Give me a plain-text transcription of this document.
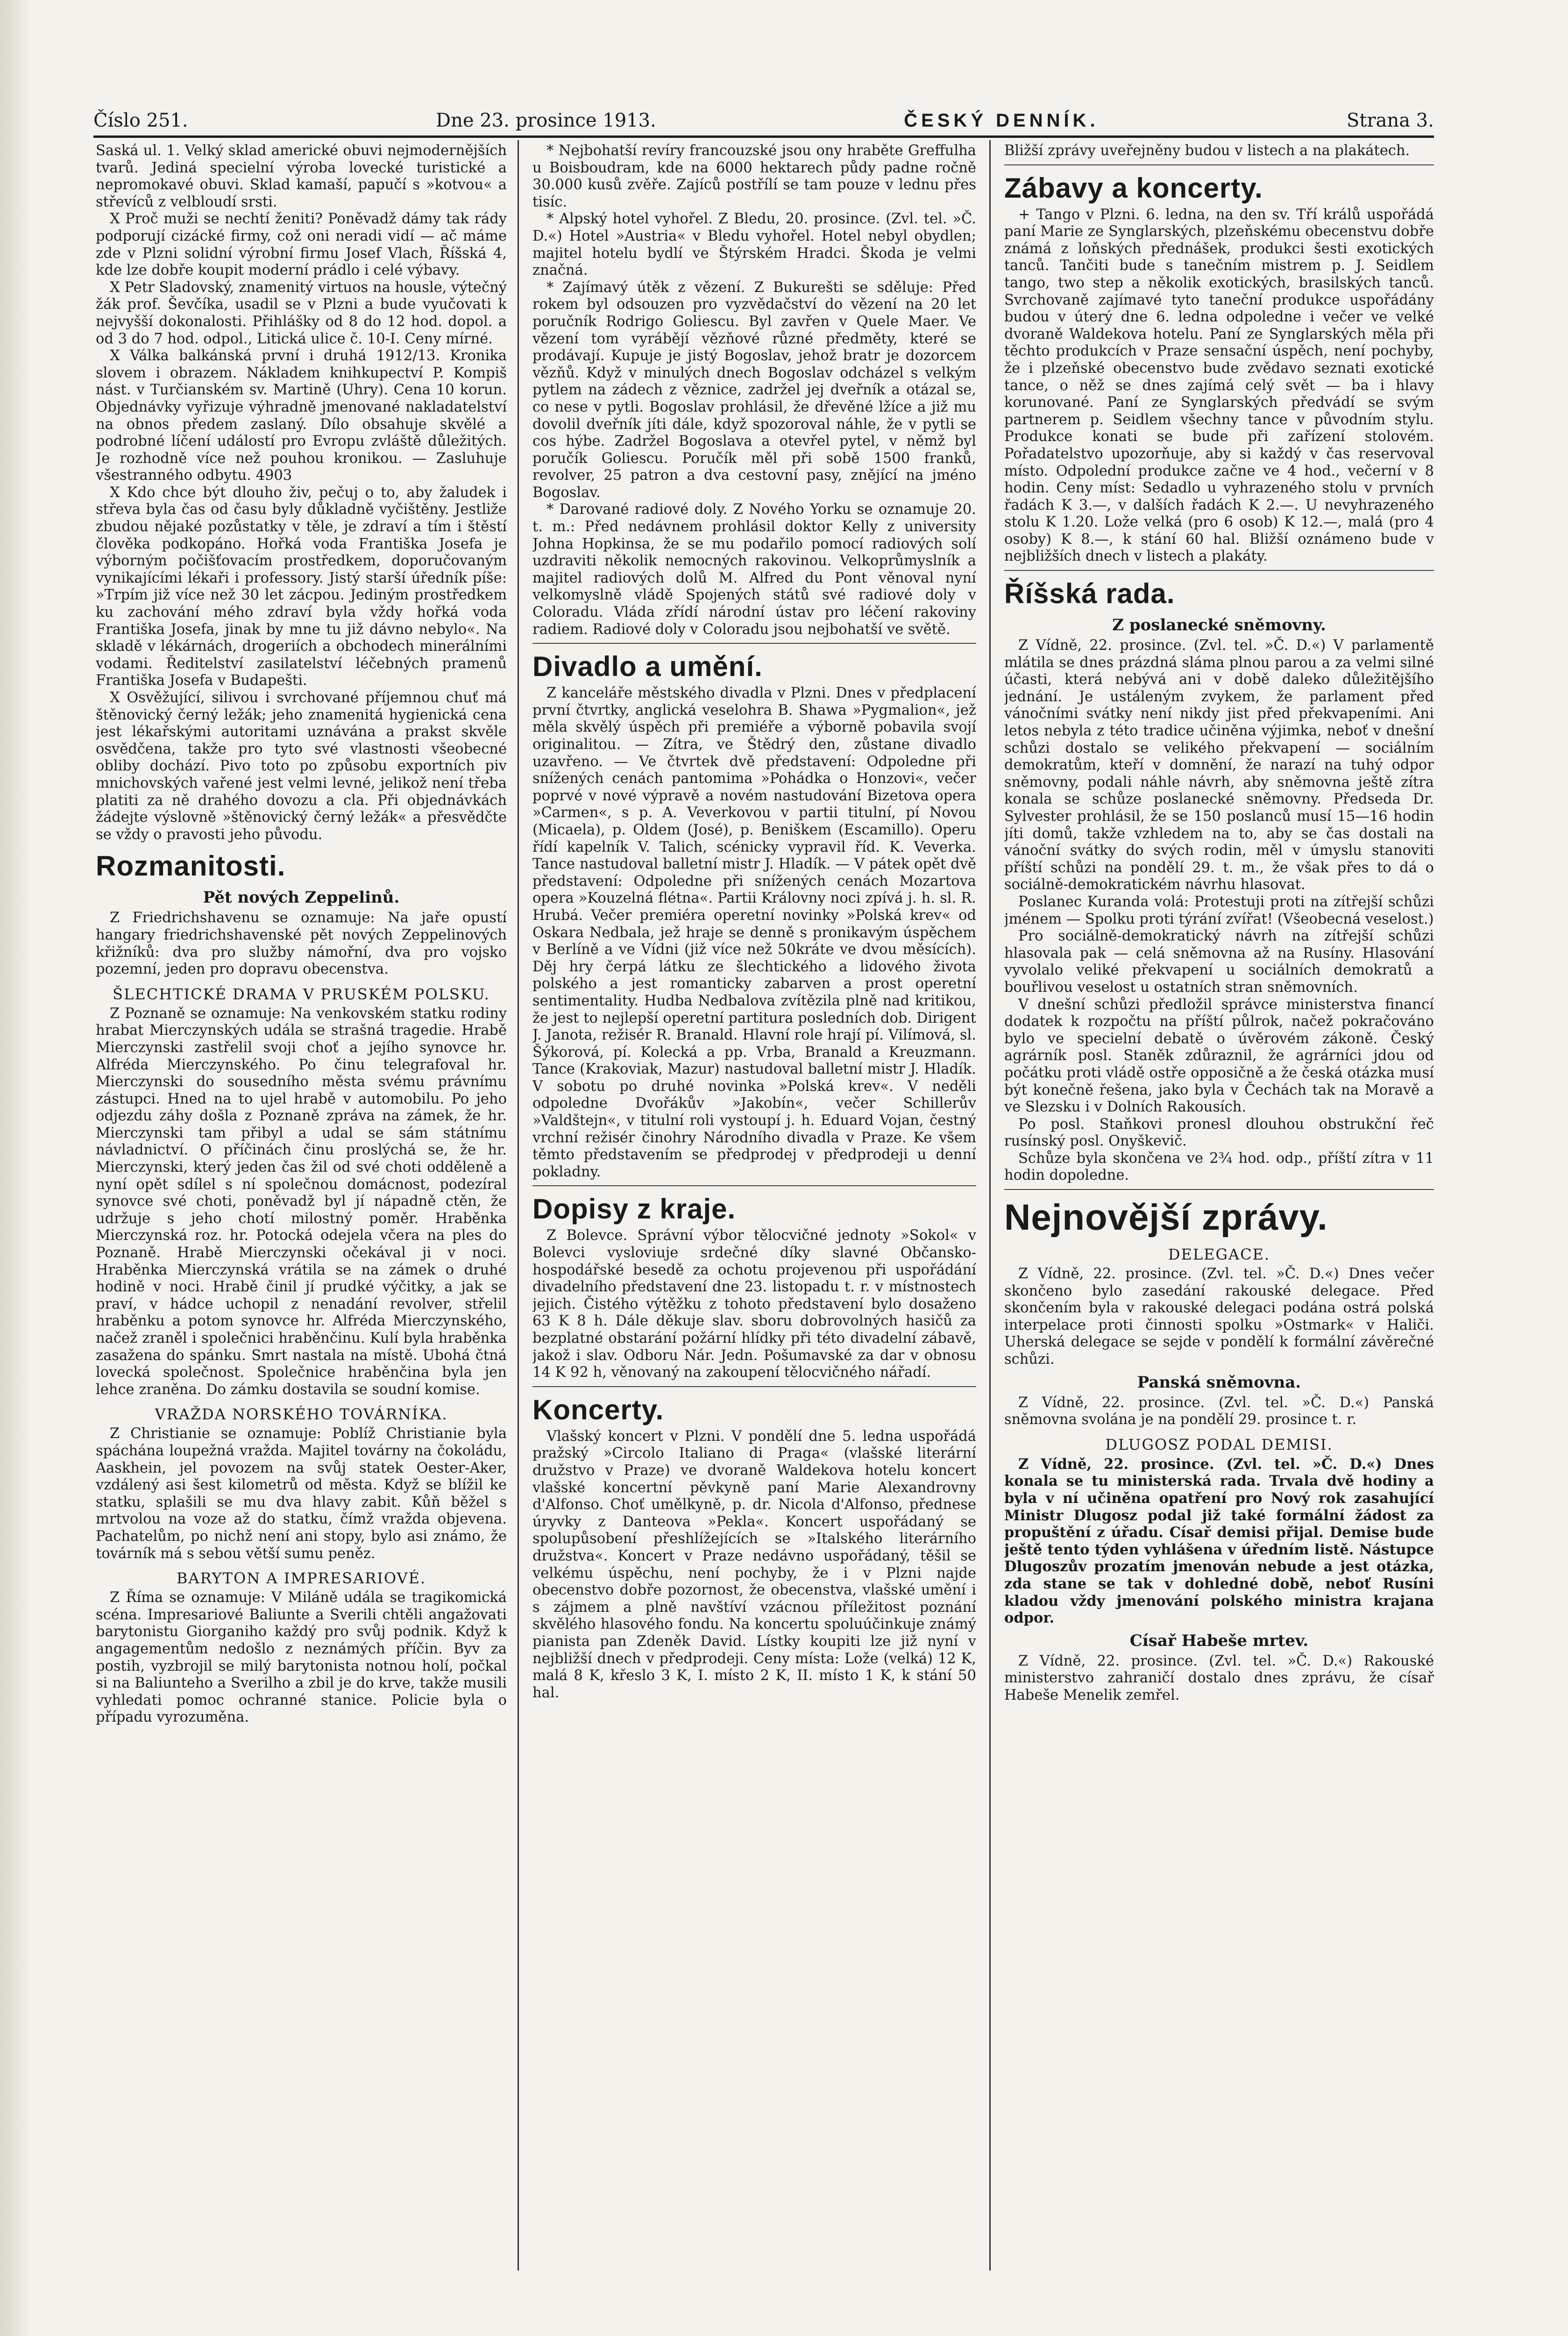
Číslo 251.	Dne 23. prosince 1913.	ČESKÝ DENNÍK.	Strana 3.

Saská ul. 1. Velký sklad americké obuvi nejmodernějších tvarů. Jediná specielní výroba lovecké turistické a nepromokavé obuvi. Sklad kamaší, papučí s »kotvou« a střevíců z velbloudí srsti.

X Proč muži se nechtí ženiti? Poněvadž dámy tak rády podporují cizácké firmy, což oni neradi vidí — ač máme zde v Plzni solidní výrobní firmu Josef Vlach, Říšská 4, kde lze dobře koupit moderní prádlo i celé výbavy.

X Petr Sladovský, znamenitý virtuos na housle, výtečný žák prof. Ševčíka, usadil se v Plzni a bude vyučovati k nejvyšší dokonalosti. Přihlášky od 8 do 12 hod. dopol. a od 3 do 7 hod. odpol., Litická ulice č. 10-I. Ceny mírné.

X Válka balkánská první i druhá 1912/13. Kronika slovem i obrazem. Nákladem knihkupectví P. Kompiš nást. v Turčianském sv. Martině (Uhry). Cena 10 korun. Objednávky vyřizuje výhradně jmenované nakladatelství na obnos předem zaslaný. Dílo obsahuje skvělé a podrobné líčení událostí pro Evropu zvláště důležitých. Je rozhodně více než pouhou kronikou. — Zasluhuje všestranného odbytu. 4903

X Kdo chce být dlouho živ, pečuj o to, aby žaludek i střeva byla čas od času byly důkladně vyčištěny. Jestliže zbudou nějaké pozůstatky v těle, je zdraví a tím i štěstí člověka podkopáno. Hořká voda Františka Josefa je výborným počišťovacím prostředkem, doporučovaným vynikajícími lékaři i professory. Jistý starší úředník píše: »Trpím již více než 30 let zácpou. Jediným prostředkem ku zachování mého zdraví byla vždy hořká voda Františka Josefa, jinak by mne tu již dávno nebylo«. Na skladě v lékárnách, drogeriích a obchodech minerálními vodami. Ředitelství zasilatelství léčebných pramenů Františka Josefa v Budapešti.

X Osvěžující, silivou i svrchované příjemnou chuť má štěnovický černý ležák; jeho znamenitá hygienická cena jest lékařskými autoritami uznávána a prakst skvěle osvědčena, takže pro tyto své vlastnosti všeobecné obliby dochází. Pivo toto po způsobu exportních piv mnichovských vařené jest velmi levné, jelikož není třeba platiti za ně drahého dovozu a cla. Při objednávkách žádejte výslovně »štěnovický černý ležák« a přesvědčte se vždy o pravosti jeho původu.

Rozmanitosti.
Pět nových Zeppelinů.

Z Friedrichshavenu se oznamuje: Na jaře opustí hangary friedrichshavenské pět nových Zeppelinových křižníků: dva pro služby námořní, dva pro vojsko pozemní, jeden pro dopravu obecenstva.

ŠLECHTICKÉ DRAMA V PRUSKÉM POLSKU.

Z Poznaně se oznamuje: Na venkovském statku rodiny hrabat Mierczynských udála se strašná tragedie. Hrabě Mierczynski zastřelil svoji choť a jejího synovce hr. Alfréda Mierczynského. Po činu telegrafoval hr. Mierczynski do sousedního města svému právnímu zástupci. Hned na to ujel hrabě v automobilu. Po jeho odjezdu záhy došla z Poznaně zpráva na zámek, že hr. Mierczynski tam přibyl a udal se sám státnímu návladnictví. O příčinách činu proslýchá se, že hr. Mierczynski, který jeden čas žil od své choti odděleně a nyní opět sdílel s ní společnou domácnost, podezíral synovce své choti, poněvadž byl jí nápadně ctěn, že udržuje s jeho chotí milostný poměr. Hraběnka Mierczynská roz. hr. Potocká odejela včera na ples do Poznaně. Hrabě Mierczynski očekával ji v noci. Hraběnka Mierczynská vrátila se na zámek o druhé hodině v noci. Hrabě činil jí prudké výčitky, a jak se praví, v hádce uchopil z nenadání revolver, střelil hraběnku a potom synovce hr. Alfréda Mierczynského, načež zraněl i společnici hraběnčinu. Kulí byla hraběnka zasažena do spánku. Smrt nastala na místě. Ubohá čtná lovecká společnost. Společnice hraběnčina byla jen lehce zraněna. Do zámku dostavila se soudní komise.

VRAŽDA NORSKÉHO TOVÁRNÍKA.

Z Christianie se oznamuje: Poblíž Christianie byla spáchána loupežná vražda. Majitel továrny na čokoládu, Aaskhein, jel povozem na svůj statek Oester-Aker, vzdálený asi šest kilometrů od města. Když se blížil ke statku, splašili se mu dva hlavy zabit. Kůň běžel s mrtvolou na voze až do statku, čímž vražda objevena. Pachatelům, po nichž není ani stopy, bylo asi známo, že továrník má s sebou větší sumu peněz.

BARYTON A IMPRESARIOVÉ.

Z Říma se oznamuje: V Miláně udála se tragikomická scéna. Impresariové Baliunte a Sverili chtěli angažovati barytonistu Giorganiho každý pro svůj podnik. Když k angagementům nedošlo z neznámých příčin. Byv za postih, vyzbrojil se milý barytonista notnou holí, počkal si na Baliunteho a Sverilho a zbil je do krve, takže musili vyhledati pomoc ochranné stanice. Policie byla o případu vyrozuměna.

* Nejbohatší revíry francouzské jsou ony hraběte Greffulha u Boisboudram, kde na 6000 hektarech půdy padne ročně 30.000 kusů zvěře. Zajíců postřílí se tam pouze v lednu přes tisíc.

* Alpský hotel vyhořel. Z Bledu, 20. prosince. (Zvl. tel. »Č. D.«) Hotel »Austria« v Bledu vyhořel. Hotel nebyl obydlen; majitel hotelu bydlí ve Štýrském Hradci. Škoda je velmi značná.

* Zajímavý útěk z vězení. Z Bukurešti se sděluje: Před rokem byl odsouzen pro vyzvědačství do vězení na 20 let poručník Rodrigo Goliescu. Byl zavřen v Quele Maer. Ve vězení tom vyrábějí vězňové různé předměty, které se prodávají. Kupuje je jistý Bogoslav, jehož bratr je dozorcem vězňů. Když v minulých dnech Bogoslav odcházel s velkým pytlem na zádech z věznice, zadržel jej dveřník a otázal se, co nese v pytli. Bogoslav prohlásil, že dřevěné lžíce a již mu dovolil dveřník jíti dále, když spozoroval náhle, že v pytli se cos hýbe. Zadržel Bogoslava a otevřel pytel, v němž byl poručík Goliescu. Poručík měl při sobě 1500 franků, revolver, 25 patron a dva cestovní pasy, znějící na jméno Bogoslav.

* Darované radiové doly. Z Nového Yorku se oznamuje 20. t. m.: Před nedávnem prohlásil doktor Kelly z university Johna Hopkinsa, že se mu podařilo pomocí radiových solí uzdraviti několik nemocných rakovinou. Velkoprůmyslník a majitel radiových dolů M. Alfred du Pont věnoval nyní velkomyslně vládě Spojených států své radiové doly v Coloradu. Vláda zřídí národní ústav pro léčení rakoviny radiem. Radiové doly v Coloradu jsou nejbohatší ve světě.

Divadlo a umění.

Z kanceláře městského divadla v Plzni. Dnes v předplacení první čtvrtky, anglická veselohra B. Shawa »Pygmalion«, jež měla skvělý úspěch při premiéře a výborně pobavila svojí originalitou. — Zítra, ve Štědrý den, zůstane divadlo uzavřeno. — Ve čtvrtek dvě představení: Odpoledne při snížených cenách pantomima »Pohádka o Honzovi«, večer poprvé v nové výpravě a novém nastudování Bizetova opera »Carmen«, s p. A. Veverkovou v partii titulní, pí Novou (Micaela), p. Oldem (José), p. Beniškem (Escamillo). Operu řídí kapelník V. Talich, scénicky vypravil říd. K. Veverka. Tance nastudoval balletní mistr J. Hladík. — V pátek opět dvě představení: Odpoledne při snížených cenách Mozartova opera »Kouzelná flétna«. Partii Královny noci zpívá j. h. sl. R. Hrubá. Večer premiéra operetní novinky »Polská krev« od Oskara Nedbala, jež hraje se denně s pronikavým úspěchem v Berlíně a ve Vídni (již více než 50kráte ve dvou měsících). Děj hry čerpá látku ze šlechtického a lidového života polského a jest romanticky zabarven a prost operetní sentimentality. Hudba Nedbalova zvítězila plně nad kritikou, že jest to nejlepší operetní partitura posledních dob. Dirigent J. Janota, režisér R. Branald. Hlavní role hrají pí. Vilímová, sl. Šýkorová, pí. Kolecká a pp. Vrba, Branald a Kreuzmann. Tance (Krakoviak, Mazur) nastudoval balletní mistr J. Hladík. V sobotu po druhé novinka »Polská krev«. V neděli odpoledne Dvořákův »Jakobín«, večer Schillerův »Valdštejn«, v titulní roli vystoupí j. h. Eduard Vojan, čestný vrchní režisér činohry Národního divadla v Praze. Ke všem těmto představením se předprodej v předprodeji u denní pokladny.

Dopisy z kraje.

Z Bolevce. Správní výbor tělocvičné jednoty »Sokol« v Bolevci vysloviuje srdečné díky slavné Občansko-hospodářské besedě za ochotu projevenou při uspořádání divadelního představení dne 23. listopadu t. r. v místnostech jejich. Čistého výtěžku z tohoto představení bylo dosaženo 63 K 8 h. Dále děkuje slav. sboru dobrovolných hasičů za bezplatné obstarání požární hlídky při této divadelní zábavě, jakož i slav. Odboru Nár. Jedn. Pošumavské za dar v obnosu 14 K 92 h, věnovaný na zakoupení tělocvičného nářadí.

Koncerty.

Vlašský koncert v Plzni. V pondělí dne 5. ledna uspořádá pražský »Circolo Italiano di Praga« (vlašské literární družstvo v Praze) ve dvoraně Waldekova hotelu koncert vlašské koncertní pěvkyně paní Marie Alexandrovny d'Alfonso. Choť umělkyně, p. dr. Nicola d'Alfonso, přednese úryvky z Danteova »Pekla«. Koncert uspořádaný se spolupůsobení přeshlížejících se »Italského literárního družstva«. Koncert v Praze nedávno uspořádaný, těšil se velkému úspěchu, není pochyby, že i v Plzni najde obecenstvo dobře pozornost, že obecenstva, vlašské umění i s zájmem a plně navštíví vzácnou příležitost poznání skvělého hlasového fondu. Na koncertu spoluúčinkuje známý pianista pan Zdeněk David. Lístky koupiti lze již nyní v nejbližší dnech v předprodeji. Ceny místa: Lože (velká) 12 K, malá 8 K, křeslo 3 K, I. místo 2 K, II. místo 1 K, k stání 50 hal.

Bližší zprávy uveřejněny budou v listech a na plakátech.

Zábavy a koncerty.

+ Tango v Plzni. 6. ledna, na den sv. Tří králů uspořádá paní Marie ze Synglarských, plzeňskému obecenstvu dobře známá z loňských přednášek, produkci šesti exotických tanců. Tančiti bude s tanečním mistrem p. J. Seidlem tango, two step a několik exotických, brasilských tanců. Svrchovaně zajímavé tyto taneční produkce uspořádány budou v úterý dne 6. ledna odpoledne i večer ve velké dvoraně Waldekova hotelu. Paní ze Synglarských měla při těchto produkcích v Praze sensační úspěch, není pochyby, že i plzeňské obecenstvo bude zvědavo seznati exotické tance, o něž se dnes zajímá celý svět — ba i hlavy korunované. Paní ze Synglarských předvádí se svým partnerem p. Seidlem všechny tance v původním stylu. Produkce konati se bude při zařízení stolovém. Pořadatelstvo upozorňuje, aby si každý v čas reservoval místo. Odpolední produkce začne ve 4 hod., večerní v 8 hodin. Ceny míst: Sedadlo u vyhrazeného stolu v prvních řadách K 3.—, v dalších řadách K 2.—. U nevyhrazeného stolu K 1.20. Lože velká (pro 6 osob) K 12.—, malá (pro 4 osoby) K 8.—, k stání 60 hal. Bližší oznámeno bude v nejbližších dnech v listech a plakáty.

Říšská rada.
Z poslanecké sněmovny.

Z Vídně, 22. prosince. (Zvl. tel. »Č. D.«) V parlamentě mlátila se dnes prázdná sláma plnou parou a za velmi silné účasti, která nebývá ani v době daleko důležitějšího jednání. Je ustáleným zvykem, že parlament před vánočními svátky není nikdy jist před překvapeními. Ani letos nebyla z této tradice učiněna výjimka, neboť v dnešní schůzi dostalo se velikého překvapení — sociálním demokratům, kteří v domnění, že narazí na tuhý odpor sněmovny, podali náhle návrh, aby sněmovna ještě zítra konala se schůze poslanecké sněmovny. Předseda Dr. Sylvester prohlásil, že se 150 poslanců musí 15—16 hodin jíti domů, takže vzhledem na to, aby se čas dostali na vánoční svátky do svých rodin, měl v úmyslu stanoviti příští schůzi na pondělí 29. t. m., že však přes to dá o sociálně-demokratickém návrhu hlasovat.

Poslanec Kuranda volá: Protestuji proti na zítřejší schůzi jménem — Spolku proti týrání zvířat! (Všeobecná veselost.)

Pro sociálně-demokratický návrh na zítřejší schůzi hlasovala pak — celá sněmovna až na Rusíny. Hlasování vyvolalo veliké překvapení u sociálních demokratů a bouřlivou veselost u ostatních stran sněmovních.

V dnešní schůzi předložil správce ministerstva financí dodatek k rozpočtu na příští půlrok, načež pokračováno bylo ve specielní debatě o úvěrovém zákoně. Český agrárník posl. Staněk zdůraznil, že agrárníci jdou od počátku proti vládě ostře opposičně a že česká otázka musí být konečně řešena, jako byla v Čechách tak na Moravě a ve Slezsku i v Dolních Rakousích.

Po posl. Staňkovi pronesl dlouhou obstrukční řeč rusínský posl. Onyškevič.

Schůze byla skončena ve 2¾ hod. odp., příští zítra v 11 hodin dopoledne.

Nejnovější zprávy.
DELEGACE.

Z Vídně, 22. prosince. (Zvl. tel. »Č. D.«) Dnes večer skončeno bylo zasedání rakouské delegace. Před skončením byla v rakouské delegaci podána ostrá polská interpelace proti činnosti spolku »Ostmark« v Haliči. Uherská delegace se sejde v pondělí k formální závěrečné schůzi.

Panská sněmovna.

Z Vídně, 22. prosince. (Zvl. tel. »Č. D.«) Panská sněmovna svolána je na pondělí 29. prosince t. r.

DLUGOSZ PODAL DEMISI.

Z Vídně, 22. prosince. (Zvl. tel. »Č. D.«) Dnes konala se tu ministerská rada. Trvala dvě hodiny a byla v ní učiněna opatření pro Nový rok zasahující Ministr Dlugosz podal již také formální žádost za propuštění z úřadu. Císař demisi přijal. Demise bude ještě tento týden vyhlášena v úředním listě. Nástupce Dlugoszův prozatím jmenován nebude a jest otázka, zda stane se tak v dohledné době, neboť Rusíni kladou vždy jmenování polského ministra krajana odpor.

Císař Habeše mrtev.

Z Vídně, 22. prosince. (Zvl. tel. »Č. D.«) Rakouské ministerstvo zahraničí dostalo dnes zprávu, že císař Habeše Menelik zemřel.
